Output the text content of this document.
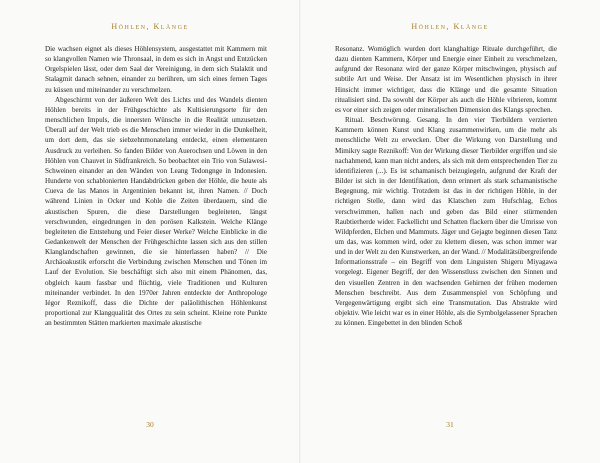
Höhlen, Klänge

Die wachsen eignet als dieses Höhlensystem, ausgestattet mit Kammern mit so klangvollen Namen wie Thronsaal, in dem es sich in Angst und Entzücken Orgelspielen lässt, oder dem Saal der Vereinigung, in dem sich Stalaktit und Stalagmit danach sehnen, einander zu berühren, um sich eines fernen Tages zu küssen und miteinander zu verschmelzen.

Abgeschirmt von der äußeren Welt des Lichts und des Wandels dienten Höhlen bereits in der Frühgeschichte als Kultisierungsorte für den menschlichen Impuls, die innersten Wünsche in die Realität umzusetzen. Überall auf der Welt trieb es die Menschen immer wieder in die Dunkelheit, um dort dem, das sie siebzehnmonatelang entdeckt, einen elementaren Ausdruck zu verleihen. So fanden Bilder von Auerochsen und Löwen in den Höhlen von Chauvet in Südfrankreich. So beobachtet ein Trio von Sulawesi-Schweinen einander an den Wänden von Leang Tedongnge in Indonesien. Hunderte von schablonierten Handabdrücken geben der Höhle, die heute als Cueva de las Manos in Argentinien bekannt ist, ihren Namen. // Doch während Linien in Ocker und Kohle die Zeiten überdauern, sind die akustischen Spuren, die diese Darstellungen begleiteten, längst verschwunden, eingedrungen in den porösen Kalkstein. Welche Klänge begleiteten die Entstehung und Feier dieser Werke? Welche Einblicke in die Gedankenwelt der Menschen der Frühgeschichte lassen sich aus den stillen Klanglandschaften gewinnen, die sie hinterlassen haben? // Die Archäoakustik erforscht die Verbindung zwischen Menschen und Tönen im Lauf der Evolution. Sie beschäftigt sich also mit einem Phänomen, das, obgleich kaum fassbar und flüchtig, viele Traditionen und Kulturen miteinander verbindet. In den 1970er Jahren entdeckte der Anthropologe Iégor Reznikoff, dass die Dichte der paläolithischen Höhlenkunst proportional zur Klangqualität des Ortes zu sein scheint. Kleine rote Punkte an bestimmten Stätten markierten maximale akustische

30
Höhlen, Klänge

Resonanz. Womöglich wurden dort klanghaltige Rituale durchgeführt, die dazu dienten Kammern, Körper und Energie einer Einheit zu verschmelzen, aufgrund der Resonanz wird der ganze Körper mitschwingen, physisch auf subtile Art und Weise. Der Ansatz ist im Wesentlichen physisch in ihrer Hinsicht immer wichtiger, dass die Klänge und die gesamte Situation ritualisiert sind. Da sowohl der Körper als auch die Höhle vibrieren, kommt es vor einer sich zeigen oder mineralischen Dimension des Klangs sprechen.

Ritual. Beschwörung. Gesang. In den vier Tierbildern verzierten Kammern können Kunst und Klang zusammenwirken, um die mehr als menschliche Welt zu erwecken. Über die Wirkung von Darstellung und Mimikry sagte Reznikoff: Von der Wirkung dieser Tierbilder ergriffen und sie nachahmend, kann man nicht anders, als sich mit dem entsprechenden Tier zu identifizieren (...). Es ist schamanisch beizugiegeln, aufgrund der Kraft der Bilder ist sich in der Identifikation, denn erinnert als stark schamanistische Begegnung, mir wichtig. Trotzdem ist das in der richtigen Höhle, in der richtigen Stelle, dann wird das Klatschen zum Hufschlag, Echos verschwimmen, hallen nach und geben das Bild einer stürmenden Raubtierherde wider. Fackellicht und Schatten flackern über die Umrisse von Wildpferden, Elchen und Mammuts. Jäger und Gejagte beginnen diesen Tanz um das, was kommen wird, oder zu klettern diesen, was schon immer war und in der Welt zu den Kunstwerken, an der Wand. // Modalitätsübergreifende Informationsstrafe – ein Begriff von dem Linguisten Shigeru Miyagawa vorgelegt. Eigener Begriff, der den Wissenstluss zwischen den Sinnen und den visuellen Zentren in den wachsenden Gehirnen der frühen modernen Menschen beschreibt. Aus dem Zusammenspiel von Schöpfung und Vergegenwärtigung ergibt sich eine Transmutation. Das Abstrakte wird objektiv. Wie leicht war es in einer Höhle, als die Symbolgelassener Sprachen zu können. Eingebettet in den blinden Schoß

31
